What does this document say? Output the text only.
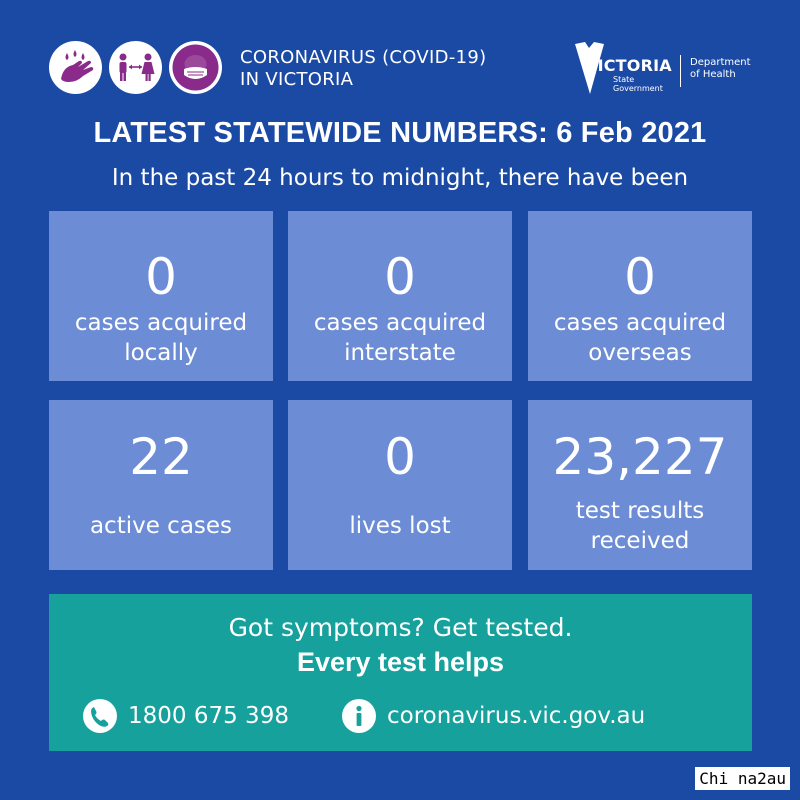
CORONAVIRUS (COVID-19)
IN VICTORIA
VICTORIA
State
Government
Department
of Health
LATEST STATEWIDE NUMBERS: 6 Feb 2021
In the past 24 hours to midnight, there have been
0
cases acquired
locally
0
cases acquired
interstate
0
cases acquired
overseas
22
active cases
0
lives lost
23,227
test results
received
Got symptoms? Get tested.
Every test helps
1800 675 398	coronavirus.vic.gov.au
Chi na2au
